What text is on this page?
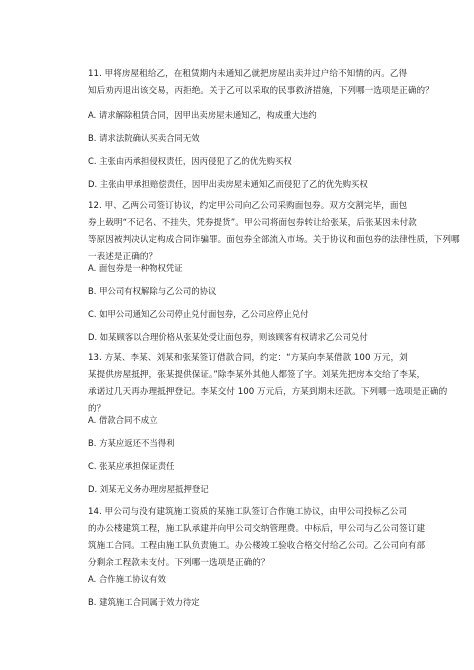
11. 甲将房屋租给乙，在租赁期内未通知乙就把房屋出卖并过户给不知情的丙。乙得
知后劝丙退出该交易，丙拒绝。关于乙可以采取的民事救济措施，下列哪一选项是正确的？
A. 请求解除租赁合同，因甲出卖房屋未通知乙，构成重大违约
B. 请求法院确认买卖合同无效
C. 主张由丙承担侵权责任，因丙侵犯了乙的优先购买权
D. 主张由甲承担赔偿责任，因甲出卖房屋未通知乙而侵犯了乙的优先购买权
12. 甲、乙两公司签订协议，约定甲公司向乙公司采购面包券。双方交割完毕，面包
券上载明“不记名、不挂失，凭券提货”。甲公司将面包券转让给张某，后张某因未付款
等原因被判决认定构成合同诈骗罪。面包券全部流入市场。关于协议和面包券的法律性质，下列哪
一表述是正确的？
A. 面包券是一种物权凭证
B. 甲公司有权解除与乙公司的协议
C. 如甲公司通知乙公司停止兑付面包券，乙公司应停止兑付
D. 如某顾客以合理价格从张某处受让面包券，则该顾客有权请求乙公司兑付
13. 方某、李某、刘某和张某签订借款合同，约定：“方某向李某借款 100 万元，刘
某提供房屋抵押，张某提供保证。”除李某外其他人都签了字。刘某先把房本交给了李某，
承诺过几天再办理抵押登记。李某交付 100 万元后，方某到期未还款。下列哪一选项是正确的
的？
A. 借款合同不成立
B. 方某应返还不当得利
C. 张某应承担保证责任
D. 刘某无义务办理房屋抵押登记
14. 甲公司与没有建筑施工资质的某施工队签订合作施工协议，由甲公司投标乙公司
的办公楼建筑工程，施工队承建并向甲公司交纳管理费。中标后，甲公司与乙公司签订建
筑施工合同。工程由施工队负责施工。办公楼竣工验收合格交付给乙公司。乙公司向有部
分剩余工程款未支付。下列哪一选项是正确的？
A. 合作施工协议有效
B. 建筑施工合同属于效力待定
